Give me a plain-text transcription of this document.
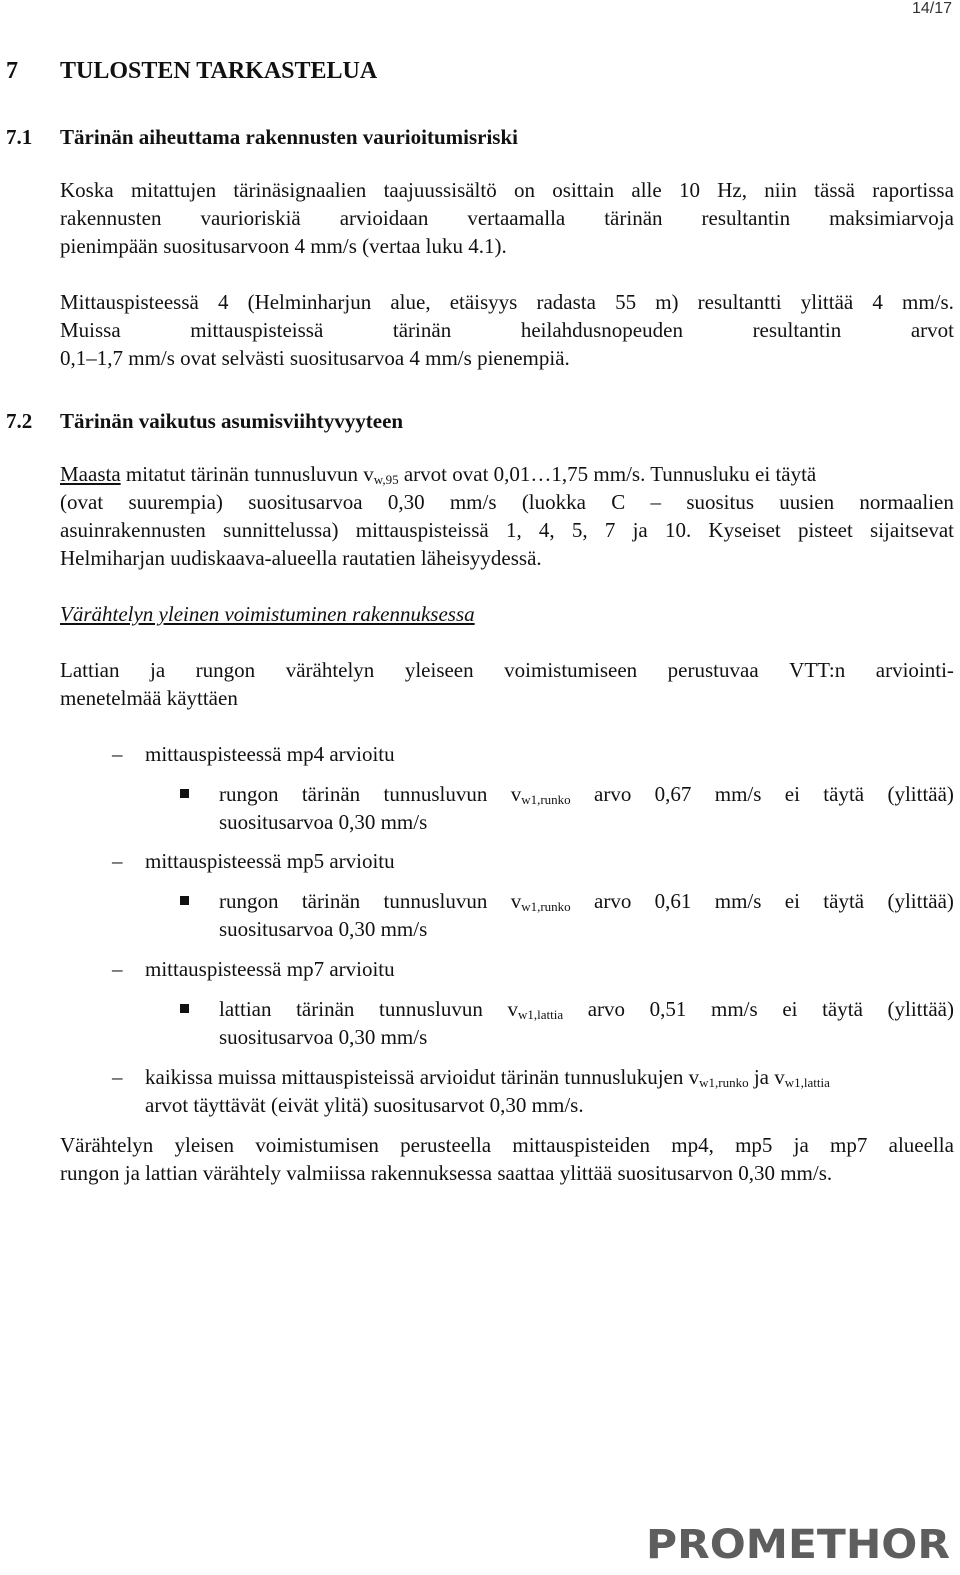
14/17
7 TULOSTEN TARKASTELUA
7.1 Tärinän aiheuttama rakennusten vaurioitumisriski
Koska mitattujen tärinäsignaalien taajuussisältö on osittain alle 10 Hz, niin tässä raportissa
rakennusten vaurioriskiä arvioidaan vertaamalla tärinän resultantin maksimiarvoja
pienimpään suositusarvoon 4 mm/s (vertaa luku 4.1).
Mittauspisteessä 4 (Helminharjun alue, etäisyys radasta 55 m) resultantti ylittää 4 mm/s.
Muissa	mittauspisteissä	tärinän	heilahdusnopeuden	resultantin	arvot
0,1–1,7 mm/s ovat selvästi suositusarvoa 4 mm/s pienempiä.
7.2 Tärinän vaikutus asumisviihtyvyyteen
Maasta mitatut tärinän tunnusluvun $v_{w,95}$ arvot ovat 0,01…1,75 mm/s. Tunnusluku ei täytä
(ovat suurempia) suositusarvoa 0,30 mm/s (luokka C – suositus uusien normaalien
asuinrakennusten sunnittelussa) mittauspisteissä 1, 4, 5, 7 ja 10. Kyseiset pisteet sijaitsevat
Helmiharjan uudiskaava-alueella rautatien läheisyydessä.
Värähtelyn yleinen voimistuminen rakennuksessa
Lattian ja rungon värähtelyn yleiseen voimistumiseen perustuvaa VTT:n arviointi-
menetelmää käyttäen
– mittauspisteessä mp4 arvioitu
rungon tärinän tunnusluvun $v_{w1,runko}$ arvo 0,67 mm/s ei täytä (ylittää)
suositusarvoa 0,30 mm/s
– mittauspisteessä mp5 arvioitu
rungon tärinän tunnusluvun $v_{w1,runko}$ arvo 0,61 mm/s ei täytä (ylittää)
suositusarvoa 0,30 mm/s
– mittauspisteessä mp7 arvioitu
lattian tärinän tunnusluvun $v_{w1,lattia}$ arvo 0,51 mm/s ei täytä (ylittää)
suositusarvoa 0,30 mm/s
– kaikissa muissa mittauspisteissä arvioidut tärinän tunnuslukujen $v_{w1,runko}$ ja $v_{w1,lattia}$
arvot täyttävät (eivät ylitä) suositusarvot 0,30 mm/s.
Värähtelyn yleisen voimistumisen perusteella mittauspisteiden mp4, mp5 ja mp7 alueella
rungon ja lattian värähtely valmiissa rakennuksessa saattaa ylittää suositusarvon 0,30 mm/s.
PROMETHOR
